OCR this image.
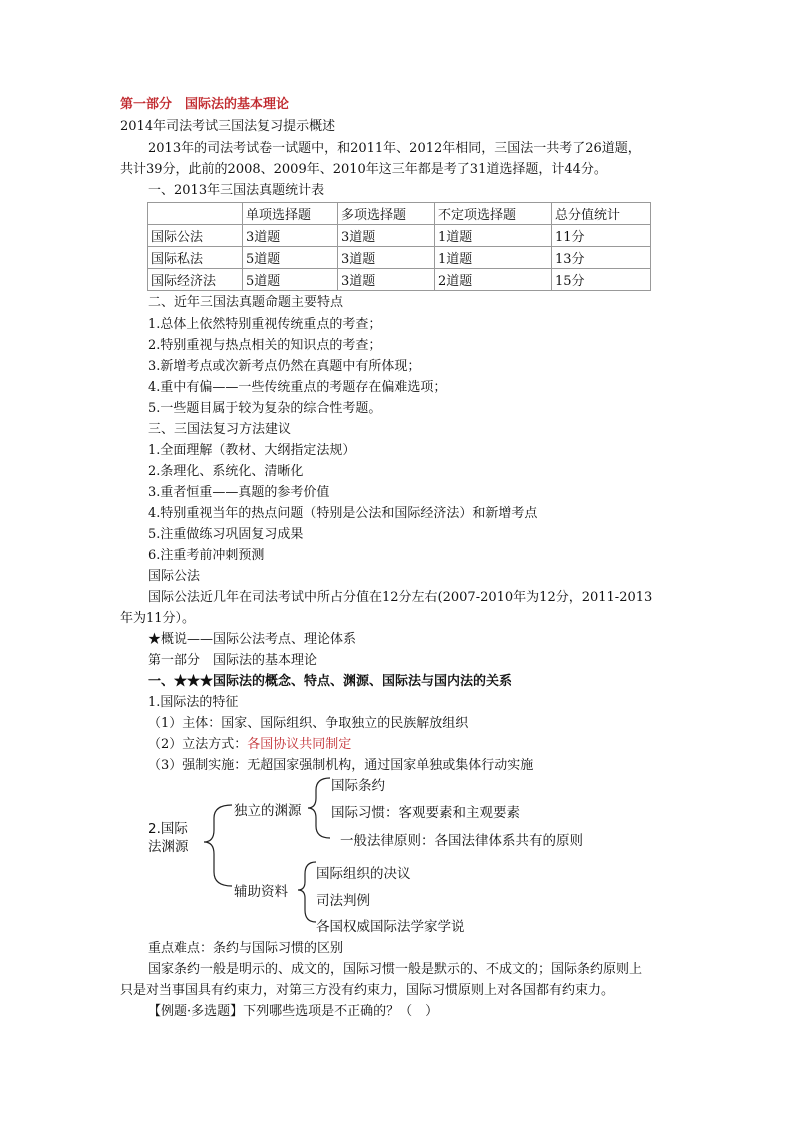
第一部分　国际法的基本理论
2014年司法考试三国法复习提示概述
2013年的司法考试卷一试题中，和2011年、2012年相同，三国法一共考了26道题，
共计39分，此前的2008、2009年、2010年这三年都是考了31道选择题，计44分。
一、2013年三国法真题统计表
	单项选择题	多项选择题	不定项选择题	总分值统计
国际公法	3道题	3道题	1道题	11分
国际私法	5道题	3道题	1道题	13分
国际经济法	5道题	3道题	2道题	15分
二、近年三国法真题命题主要特点
1.总体上依然特别重视传统重点的考查；
2.特别重视与热点相关的知识点的考查；
3.新增考点或次新考点仍然在真题中有所体现；
4.重中有偏——一些传统重点的考题存在偏难选项；
5.一些题目属于较为复杂的综合性考题。
三、三国法复习方法建议
1.全面理解（教材、大纲指定法规）
2.条理化、系统化、清晰化
3.重者恒重——真题的参考价值
4.特别重视当年的热点问题（特别是公法和国际经济法）和新增考点
5.注重做练习巩固复习成果
6.注重考前冲刺预测
国际公法
国际公法近几年在司法考试中所占分值在12分左右(2007-2010年为12分，2011-2013
年为11分）。
★概说——国际公法考点、理论体系
第一部分　国际法的基本理论
一、★★★国际法的概念、特点、渊源、国际法与国内法的关系
1.国际法的特征
（1）主体：国家、国际组织、争取独立的民族解放组织
（2）立法方式：各国协议共同制定
（3）强制实施：无超国家强制机构，通过国家单独或集体行动实施
2.国际
法渊源
独立的渊源
辅助资料
国际条约
国际习惯：客观要素和主观要素
一般法律原则：各国法律体系共有的原则
国际组织的决议
司法判例
各国权威国际法学家学说
重点难点：条约与国际习惯的区别
国家条约一般是明示的、成文的，国际习惯一般是默示的、不成文的；国际条约原则上
只是对当事国具有约束力，对第三方没有约束力，国际习惯原则上对各国都有约束力。
【例题·多选题】下列哪些选项是不正确的？（　）
